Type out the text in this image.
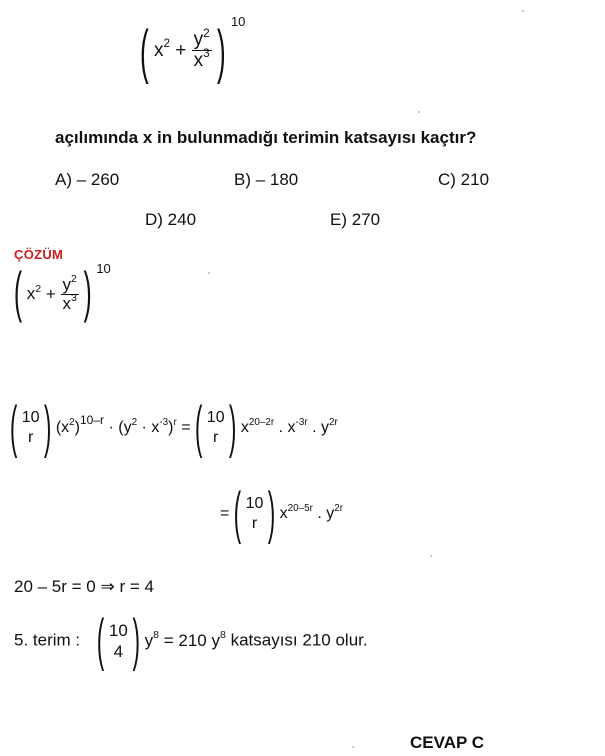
( $x^2 + \frac{y^2}{x^3}$ ) $^{10}$
açılımında x in bulunmadığı terimin katsayısı kaçtır?
A) – 260	B) – 180	C) 210
D) 240	E) 270
ÇÖZÜM
( $x^2 + \frac{y^2}{x^3}$ ) $^{10}$
( 10
r ) $(x^2)^{10-r} \cdot (y^2 \cdot x^{-3})^r$ = ( 10
r ) $x^{20-2r}$ . $x^{-3r}$ . $y^{2r}$
= ( 10
r ) $x^{20-5r}$ . $y^{2r}$
20 – 5r = 0 ⇒ r = 4
5. terim : ( 10
4 ) $y^8 = 210$ $y^8$ katsayısı 210 olur.
CEVAP C
